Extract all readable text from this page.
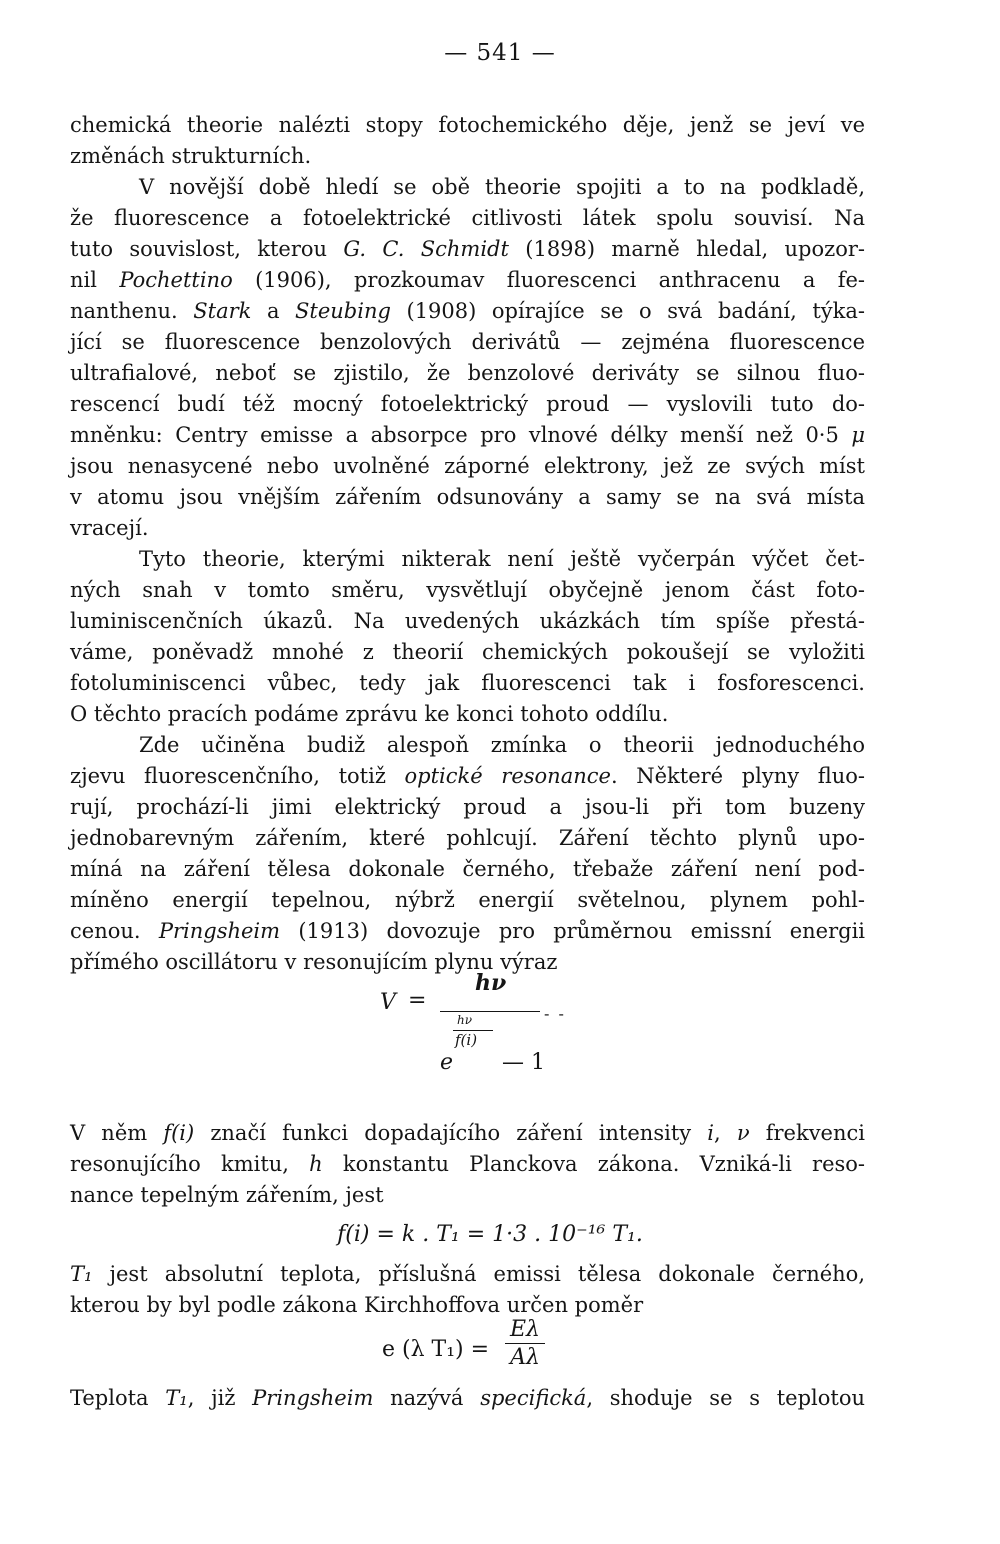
— 541 —
chemická theorie nalézti stopy fotochemického děje, jenž se jeví ve
změnách strukturních.
V novější době hledí se obě theorie spojiti a to na podkladě,
že fluorescence a fotoelektrické citlivosti látek spolu souvisí. Na
tuto souvislost, kterou G. C. Schmidt (1898) marně hledal, upozor-
nil Pochettino (1906), prozkoumav fluorescenci anthracenu a fe-
nanthenu. Stark a Steubing (1908) opírajíce se o svá badání, týka-
jící se fluorescence benzolových derivátů — zejména fluorescence
ultrafialové, neboť se zjistilo, že benzolové deriváty se silnou fluo-
rescencí budí též mocný fotoelektrický proud — vyslovili tuto do-
mněnku: Centry emisse a absorpce pro vlnové délky menší než 0·5 μ
jsou nenasycené nebo uvolněné záporné elektrony, jež ze svých míst
v atomu jsou vnějším zářením odsunovány a samy se na svá místa
vracejí.
Tyto theorie, kterými nikterak není ještě vyčerpán výčet čet-
ných snah v tomto směru, vysvětlují obyčejně jenom část foto-
luminiscenčních úkazů. Na uvedených ukázkách tím spíše přestá-
váme, poněvadž mnohé z theorií chemických pokoušejí se vyložiti
fotoluminiscenci vůbec, tedy jak fluorescenci tak i fosforescenci.
O těchto pracích podáme zprávu ke konci tohoto oddílu.
Zde učiněna budiž alespoň zmínka o theorii jednoduchého
zjevu fluorescenčního, totiž optické resonance. Některé plyny fluo-
rují, prochází-li jimi elektrický proud a jsou-li při tom buzeny
jednobarevným zářením, které pohlcují. Záření těchto plynů upo-
míná na záření tělesa dokonale černého, třebaže záření není pod-
míněno energií tepelnou, nýbrž energií světelnou, plynem pohl-
cenou. Pringsheim (1913) dovozuje pro průměrnou emissní energii
přímého oscillátoru v resonujícím plynu výraz
V =
hν
- -
hν
f(i)
e — 1
V něm f(i) značí funkci dopadajícího záření intensity i, ν frekvenci
resonujícího kmitu, h konstantu Planckova zákona. Vzniká-li reso-
nance tepelným zářením, jest
f(i) = k . T₁ = 1·3 . 10⁻¹⁶ T₁.
T₁ jest absolutní teplota, příslušná emissi tělesa dokonale černého,
kterou by byl podle zákona Kirchhoffova určen poměr
e (λ $T_1) = \frac{E\lambda}{A\lambda}$
Teplota T₁, již Pringsheim nazývá specifická, shoduje se s teplotou
